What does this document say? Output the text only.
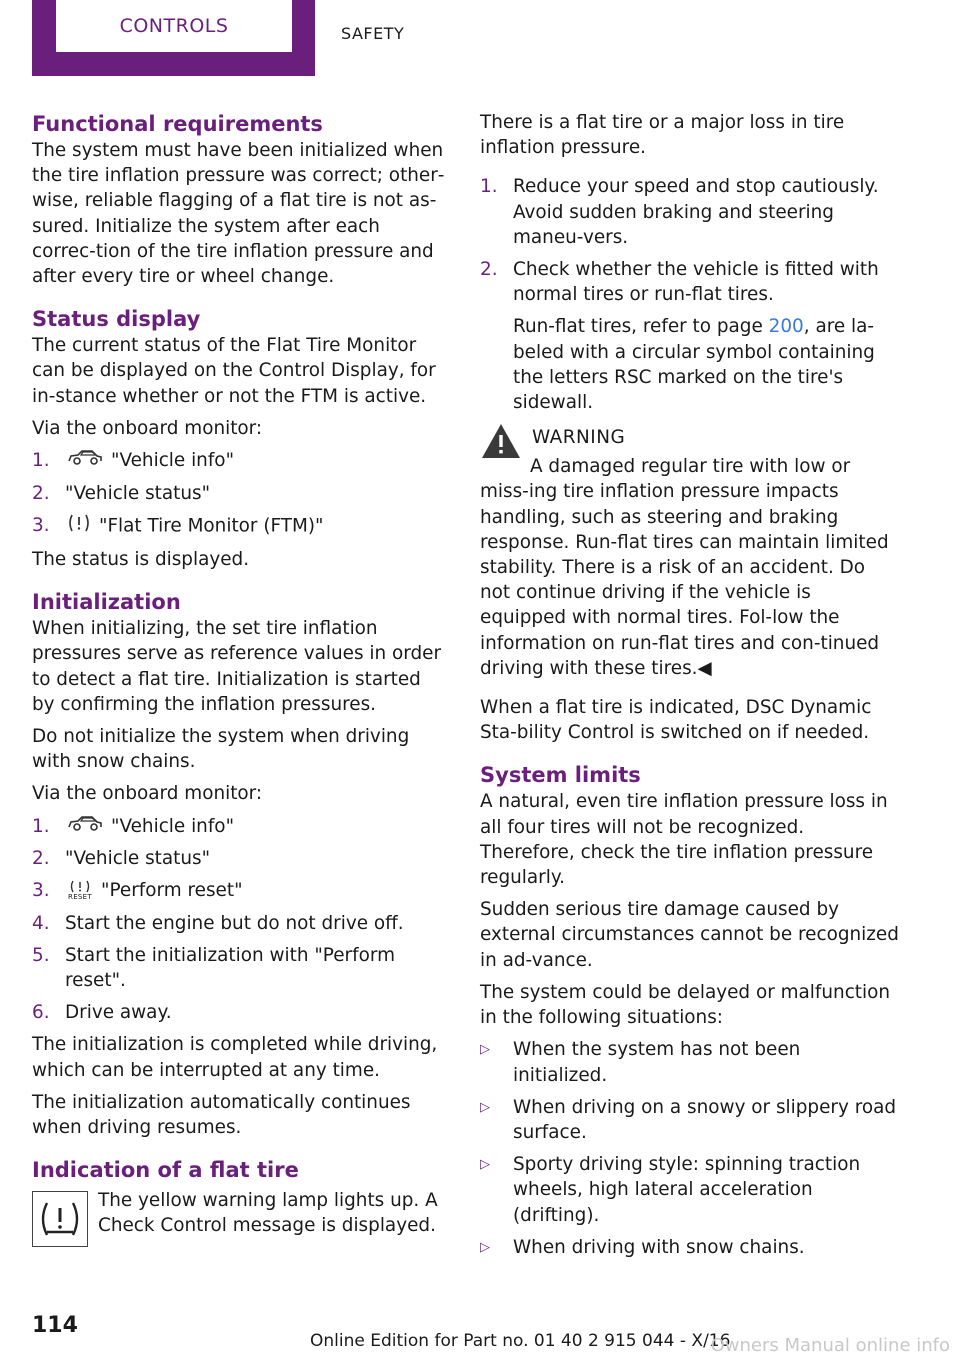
CONTROLS	SAFETY
Functional requirements

The system must have been initialized when the tire inflation pressure was correct; other‐wise, reliable flagging of a flat tire is not as‐sured. Initialize the system after each correc‐tion of the tire inflation pressure and after every tire or wheel change.

Status display

The current status of the Flat Tire Monitor can be displayed on the Control Display, for in‐stance whether or not the FTM is active.

Via the onboard monitor:

1.	"Vehicle info"
2. "Vehicle status"
3.	"Flat Tire Monitor (FTM)"

The status is displayed.

Initialization

When initializing, the set tire inflation pressures serve as reference values in order to detect a flat tire. Initialization is started by confirming the inflation pressures.

Do not initialize the system when driving with snow chains.

Via the onboard monitor:

1.	"Vehicle info"
2. "Vehicle status"
3.	RESET "Perform reset"
4. Start the engine but do not drive off.
5. Start the initialization with "Perform reset".
6. Drive away.

The initialization is completed while driving, which can be interrupted at any time.

The initialization automatically continues when driving resumes.

Indication of a flat tire

The yellow warning lamp lights up. A Check Control message is displayed.

There is a flat tire or a major loss in tire inflation pressure.

1. Reduce your speed and stop cautiously. Avoid sudden braking and steering maneu‐vers.
2. Check whether the vehicle is fitted with normal tires or run-flat tires.

Run-flat tires, refer to page 200, are la‐beled with a circular symbol containing the letters RSC marked on the tire's sidewall.

WARNING

A damaged regular tire with low or miss‐ing tire inflation pressure impacts handling, such as steering and braking response. Run-flat tires can maintain limited stability. There is a risk of an accident. Do not continue driving if the vehicle is equipped with normal tires. Fol‐low the information on run-flat tires and con‐tinued driving with these tires.◀

When a flat tire is indicated, DSC Dynamic Sta‐bility Control is switched on if needed.

System limits

A natural, even tire inflation pressure loss in all four tires will not be recognized. Therefore, check the tire inflation pressure regularly.

Sudden serious tire damage caused by external circumstances cannot be recognized in ad‐vance.

The system could be delayed or malfunction in the following situations:

▷	When the system has not been initialized.
▷	When driving on a snowy or slippery road surface.
▷	Sporty driving style: spinning traction wheels, high lateral acceleration (drifting).
▷	When driving with snow chains.
114
Online Edition for Part no. 01 40 2 915 044 - X/16
Owners Manual online info
